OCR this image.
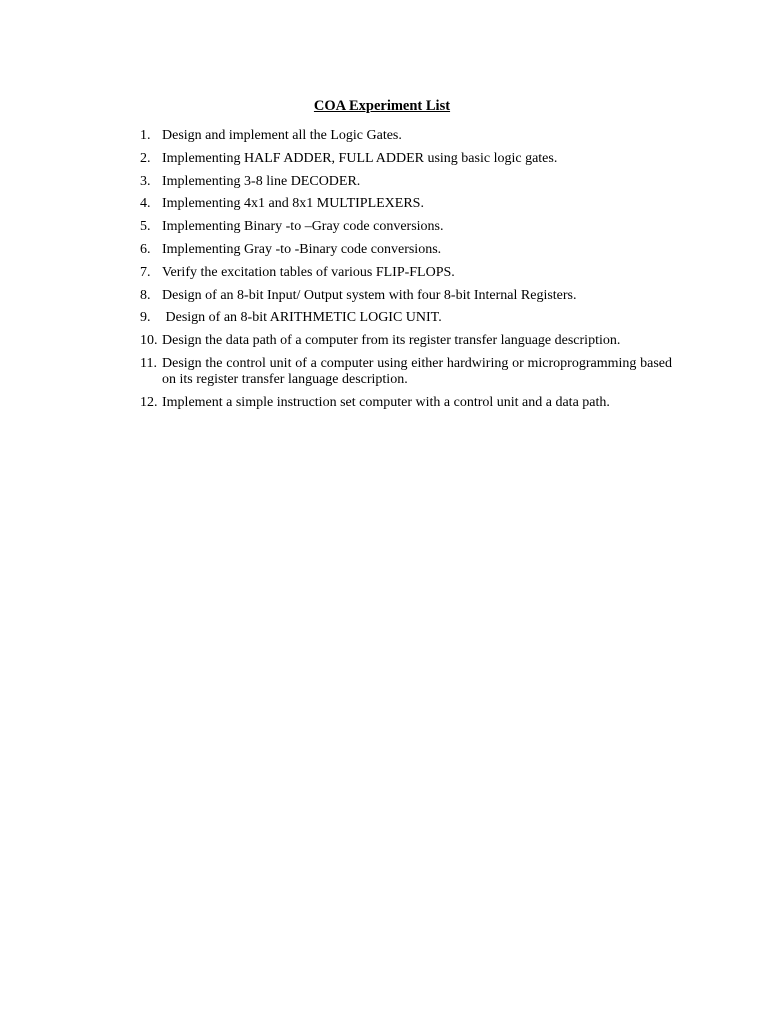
COA Experiment List
1. Design and implement all the Logic Gates.
2. Implementing HALF ADDER, FULL ADDER using basic logic gates.
3. Implementing 3-8 line DECODER.
4. Implementing 4x1 and 8x1 MULTIPLEXERS.
5. Implementing Binary -to –Gray code conversions.
6. Implementing Gray -to -Binary code conversions.
7. Verify the excitation tables of various FLIP-FLOPS.
8. Design of an 8-bit Input/ Output system with four 8-bit Internal Registers.
9. Design of an 8-bit ARITHMETIC LOGIC UNIT.
10. Design the data path of a computer from its register transfer language description.
11. Design the control unit of a computer using either hardwiring or microprogramming based on its register transfer language description.
12. Implement a simple instruction set computer with a control unit and a data path.
